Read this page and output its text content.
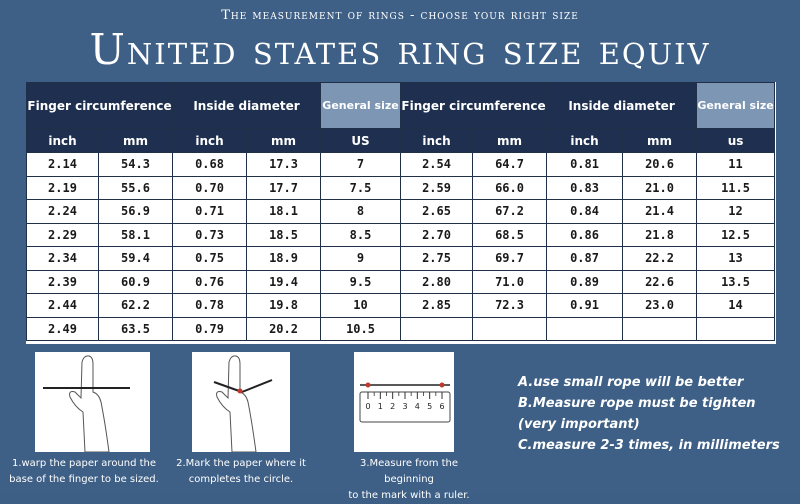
The measurement of rings - choose your right size
United states ring size equiv
Finger circumference		Inside diameter		General size	Finger circumference		Inside diameter		General size
inch	mm	inch	mm	US	inch	mm	inch	mm	us
2.14	54.3	0.68	17.3	7	2.54	64.7	0.81	20.6	11
2.19	55.6	0.70	17.7	7.5	2.59	66.0	0.83	21.0	11.5
2.24	56.9	0.71	18.1	8	2.65	67.2	0.84	21.4	12
2.29	58.1	0.73	18.5	8.5	2.70	68.5	0.86	21.8	12.5
2.34	59.4	0.75	18.9	9	2.75	69.7	0.87	22.2	13
2.39	60.9	0.76	19.4	9.5	2.80	71.0	0.89	22.6	13.5
2.44	62.2	0.78	19.8	10	2.85	72.3	0.91	23.0	14
2.49	63.5	0.79	20.2	10.5					
1.warp the paper around the
base of the finger to be sized.
2.Mark the paper where it
completes the circle.
0 1 2 3 4 5 6
3.Measure from the beginning
to the mark with a ruler.
A.use small rope will be better
B.Measure rope must be tighten
(very important)
C.measure 2-3 times, in millimeters
